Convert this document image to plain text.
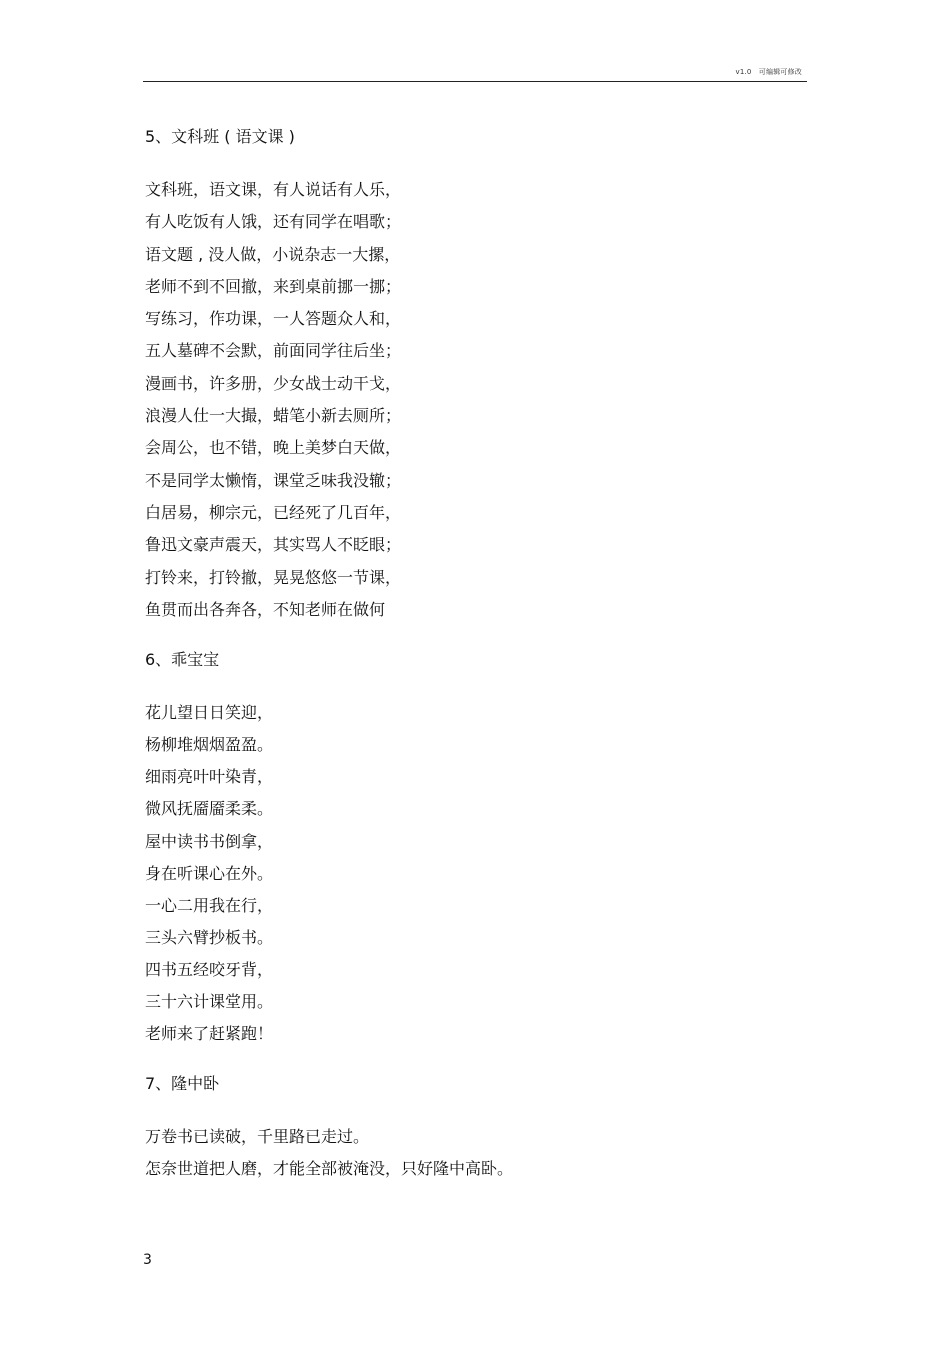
v1.0　可编辑可修改
5、文科班 ( 语文课 )
文科班，语文课，有人说话有人乐，
有人吃饭有人饿，还有同学在唱歌；
语文题 , 没人做，小说杂志一大摞，
老师不到不回撤，来到桌前挪一挪；
写练习，作功课，一人答题众人和，
五人墓碑不会默，前面同学往后坐；
漫画书，许多册，少女战士动干戈，
浪漫人仕一大撮，蜡笔小新去厕所；
会周公，也不错，晚上美梦白天做，
不是同学太懒惰，课堂乏味我没辙；
白居易，柳宗元，已经死了几百年，
鲁迅文豪声震天，其实骂人不眨眼；
打铃来，打铃撤，晃晃悠悠一节课，
鱼贯而出各奔各，不知老师在做何
6、乖宝宝
花儿望日日笑迎，
杨柳堆烟烟盈盈。
细雨亮叶叶染青，
微风抚靥靥柔柔。
屋中读书书倒拿，
身在听课心在外。
一心二用我在行，
三头六臂抄板书。
四书五经咬牙背，
三十六计课堂用。
老师来了赶紧跑！
7、隆中卧
万卷书已读破，千里路已走过。
怎奈世道把人磨，才能全部被淹没，只好隆中高卧。
3
